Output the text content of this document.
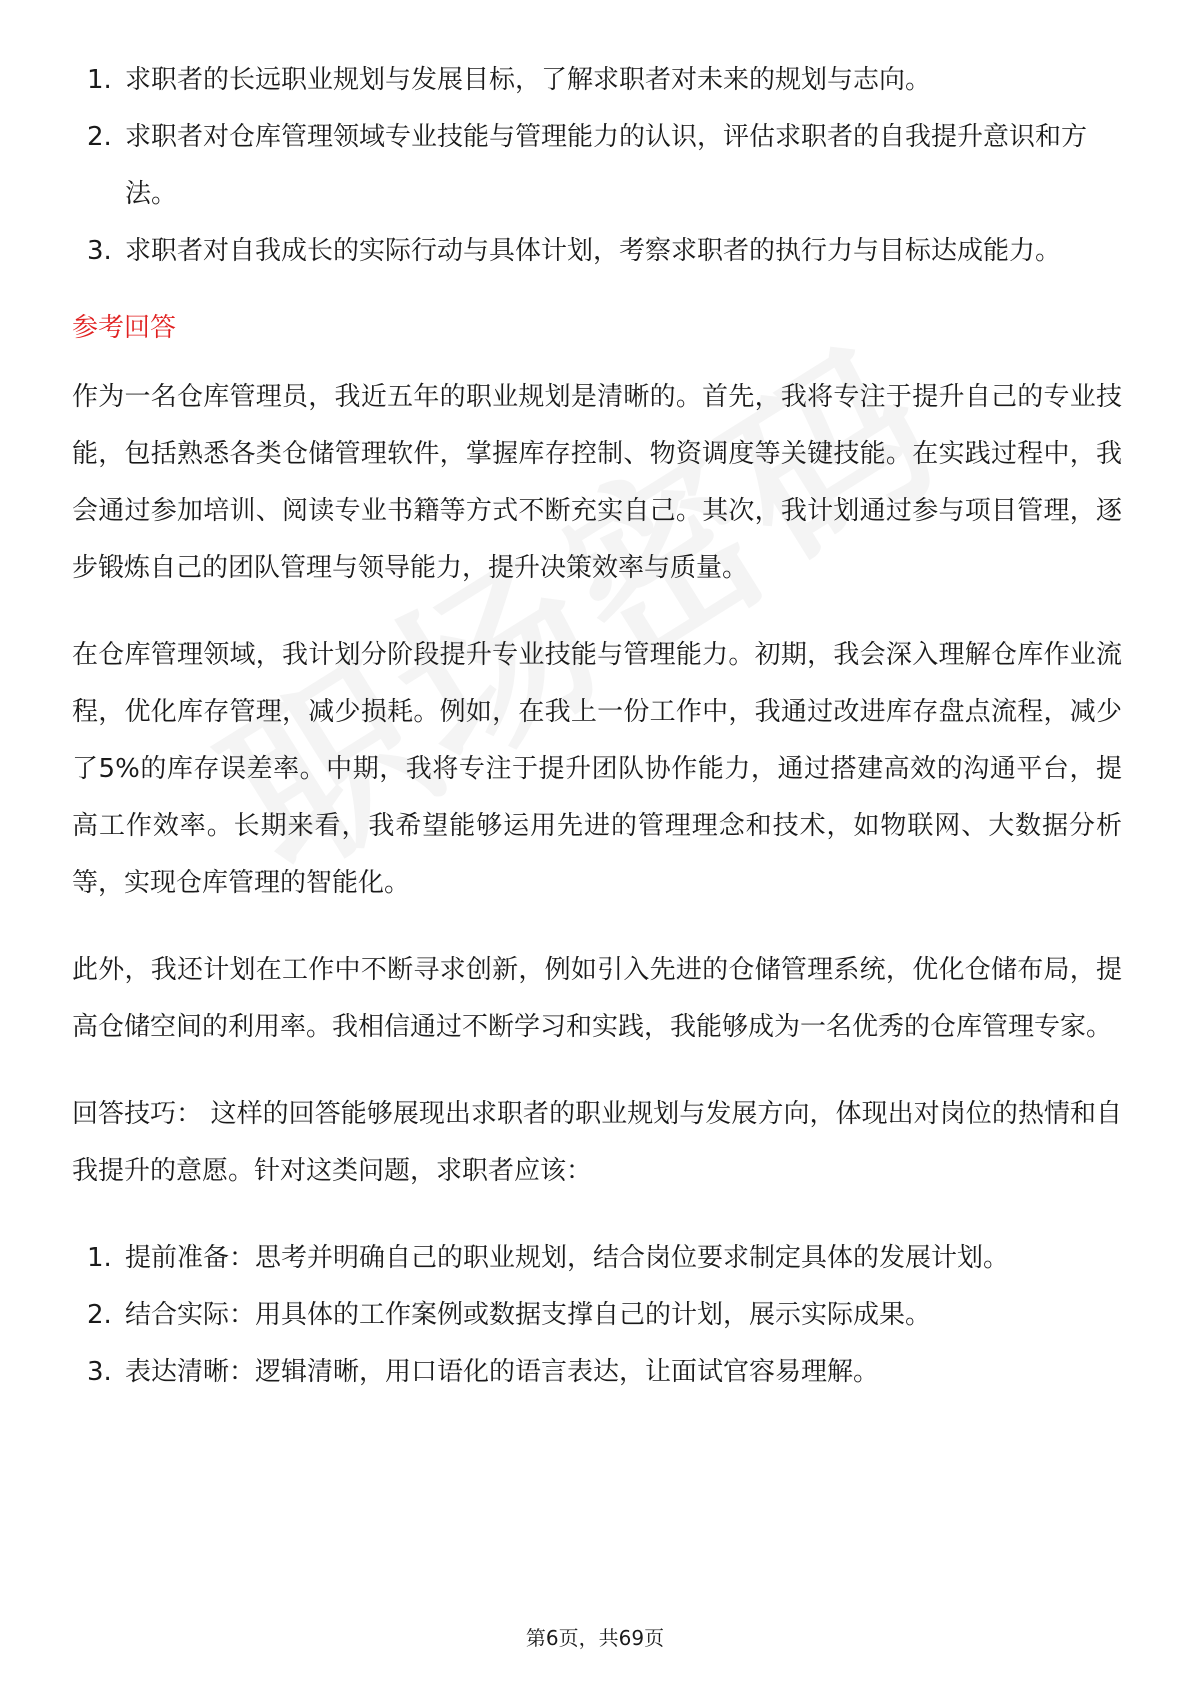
1. 求职者的长远职业规划与发展目标，了解求职者对未来的规划与志向。
2. 求职者对仓库管理领域专业技能与管理能力的认识，评估求职者的自我提升意识和方法。
3. 求职者对自我成长的实际行动与具体计划，考察求职者的执行力与目标达成能力。
参考回答

作为一名仓库管理员，我近五年的职业规划是清晰的。首先，我将专注于提升自己的专业技能，包括熟悉各类仓储管理软件，掌握库存控制、物资调度等关键技能。在实践过程中，我会通过参加培训、阅读专业书籍等方式不断充实自己。其次，我计划通过参与项目管理，逐步锻炼自己的团队管理与领导能力，提升决策效率与质量。

在仓库管理领域，我计划分阶段提升专业技能与管理能力。初期，我会深入理解仓库作业流程，优化库存管理，减少损耗。例如，在我上一份工作中，我通过改进库存盘点流程，减少了5%的库存误差率。中期，我将专注于提升团队协作能力，通过搭建高效的沟通平台，提高工作效率。长期来看，我希望能够运用先进的管理理念和技术，如物联网、大数据分析等，实现仓库管理的智能化。

此外，我还计划在工作中不断寻求创新，例如引入先进的仓储管理系统，优化仓储布局，提高仓储空间的利用率。我相信通过不断学习和实践，我能够成为一名优秀的仓库管理专家。

回答技巧： 这样的回答能够展现出求职者的职业规划与发展方向，体现出对岗位的热情和自我提升的意愿。针对这类问题，求职者应该：

1. 提前准备：思考并明确自己的职业规划，结合岗位要求制定具体的发展计划。
2. 结合实际：用具体的工作案例或数据支撑自己的计划，展示实际成果。
3. 表达清晰：逻辑清晰，用口语化的语言表达，让面试官容易理解。
第6页，共69页
